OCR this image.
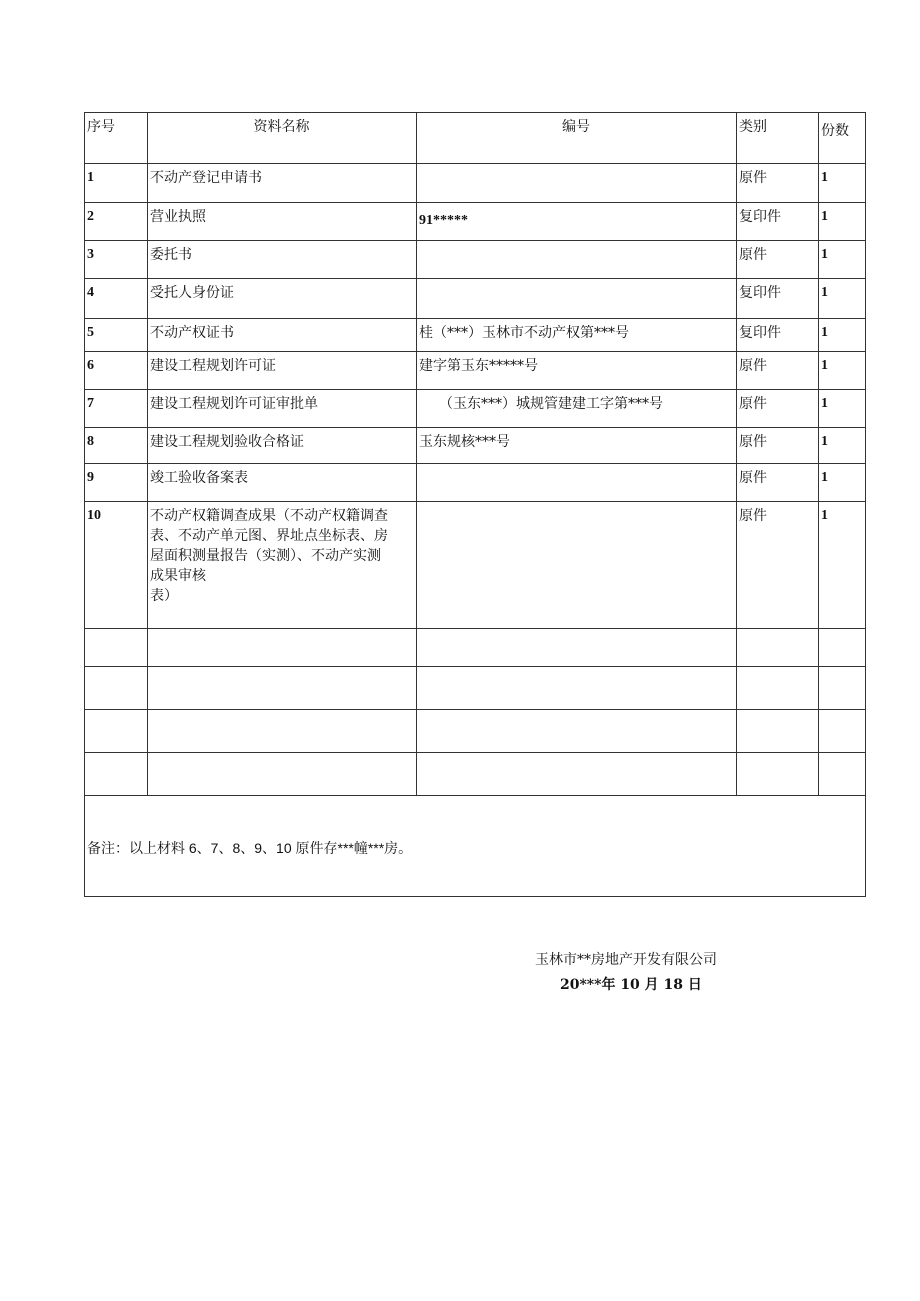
序号	资料名称	编号	类别	份数
1	不动产登记申请书		原件	1
2	营业执照	91*****	复印件	1
3	委托书		原件	1
4	受托人身份证		复印件	1
5	不动产权证书	桂（***）玉林市不动产权第***号	复印件	1
6	建设工程规划许可证	建字第玉东*****号	原件	1
7	建设工程规划许可证审批单	（玉东***）城规管建建工字第***号	原件	1
8	建设工程规划验收合格证	玉东规核***号	原件	1
9	竣工验收备案表		原件	1
10	不动产权籍调查成果（不动产权籍调查
表、不动产单元图、界址点坐标表、房
屋面积测量报告（实测）、不动产实测
成果审核
表）		原件	1

备注：以上材料 6、7、8、9、10 原件存***幢***房。				
玉林市**房地产开发有限公司
20***年 10 月 18 日
